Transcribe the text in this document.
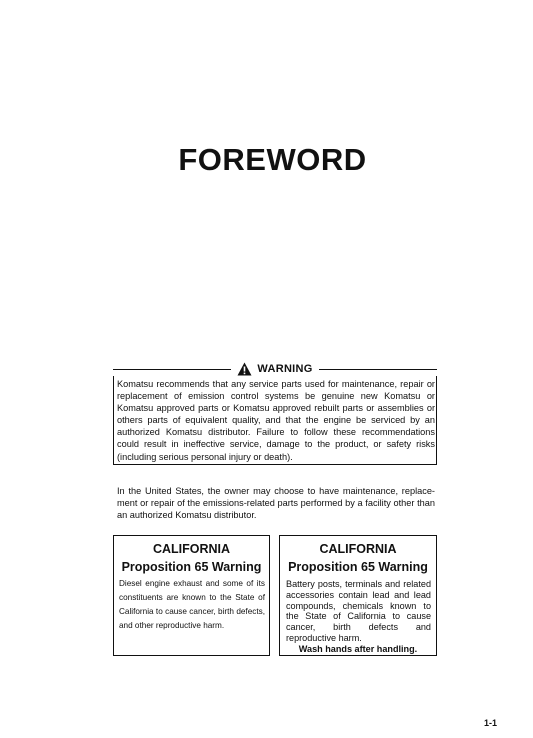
FOREWORD
WARNING
Komatsu recommends that any service parts used for maintenance, repair or replacement of emission control systems be genuine new Komatsu or Komatsu approved parts or Komatsu approved rebuilt parts or assemblies or others parts of equivalent quality, and that the engine be serviced by an authorized Komatsu distributor. Failure to follow these recommendations could result in ineffective service, damage to the product, or safety risks (including serious personal injury or death).
In the United States, the owner may choose to have maintenance, replace-ment or repair of the emissions-related parts performed by a facility other than an authorized Komatsu distributor.
CALIFORNIA
Proposition 65 Warning
Diesel engine exhaust and some of its constituents are known to the State of California to cause cancer, birth defects, and other reproductive harm.
CALIFORNIA
Proposition 65 Warning
Battery posts, terminals and related accessories contain lead and lead compounds, chemicals known to the State of California to cause cancer, birth defects and reproductive harm.
Wash hands after handling.
1-1
